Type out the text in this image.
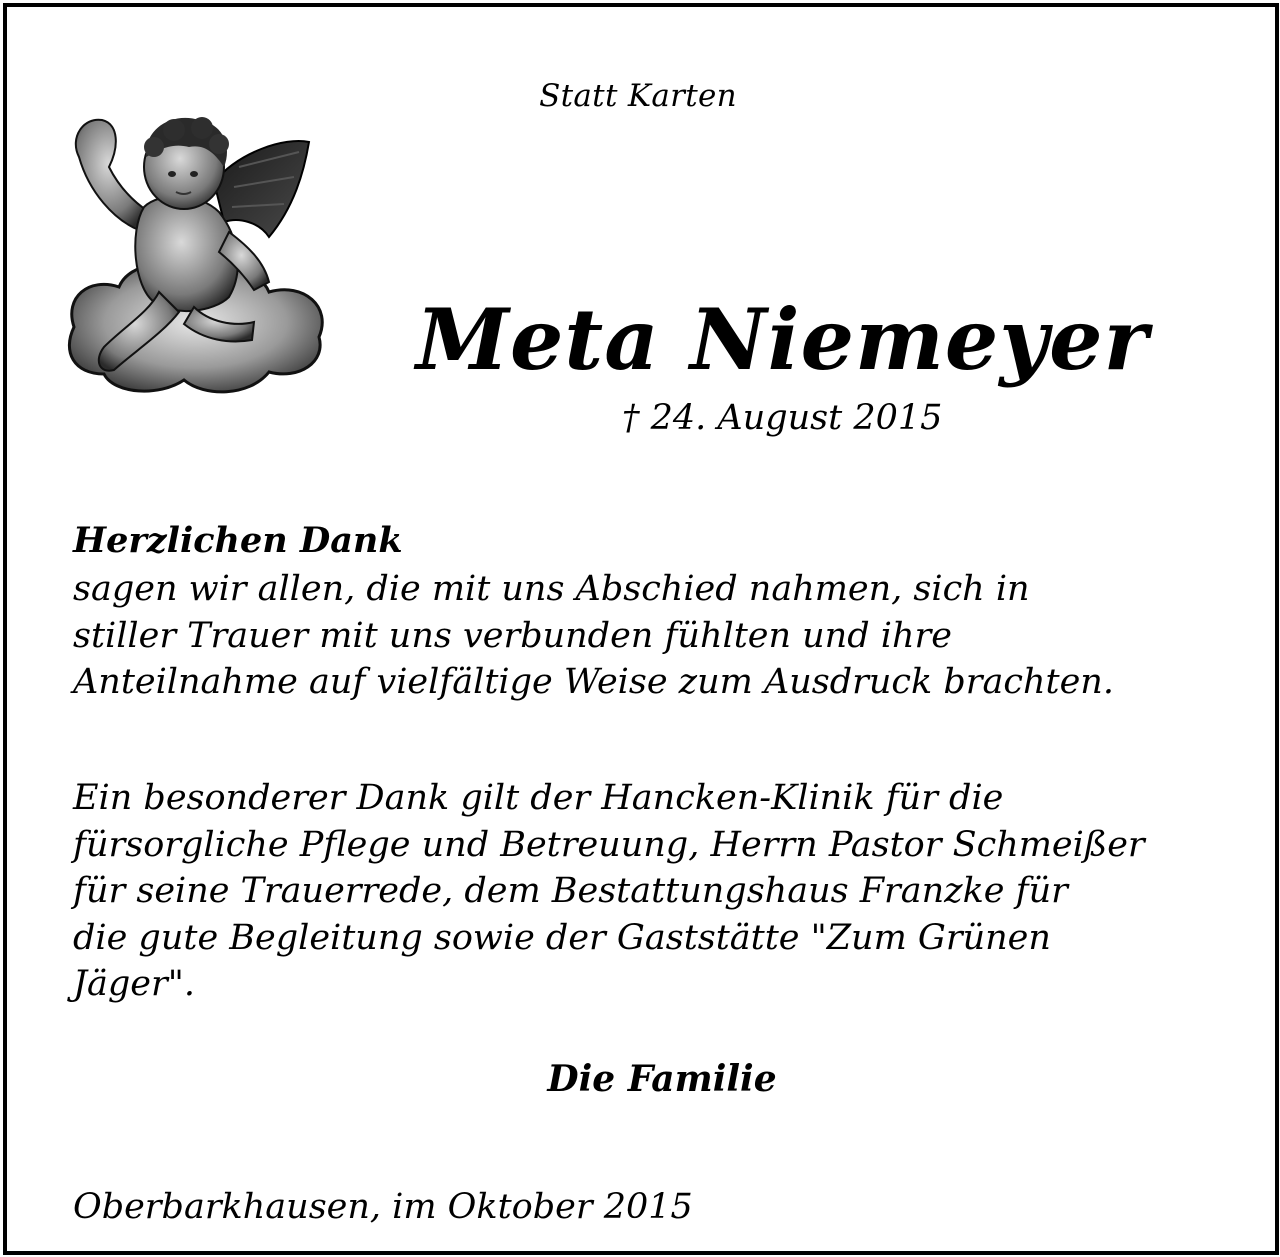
Statt Karten

Meta Niemeyer

† 24. August 2015

Herzlichen Dank

sagen wir allen, die mit uns Abschied nahmen, sich in
stiller Trauer mit uns verbunden fühlten und ihre
Anteilnahme auf vielfältige Weise zum Ausdruck brachten.
Ein besonderer Dank gilt der Hancken-Klinik für die
fürsorgliche Pflege und Betreuung, Herrn Pastor Schmeißer
für seine Trauerrede, dem Bestattungshaus Franzke für
die gute Begleitung sowie der Gaststätte "Zum Grünen
Jäger".

Die Familie

Oberbarkhausen, im Oktober 2015
